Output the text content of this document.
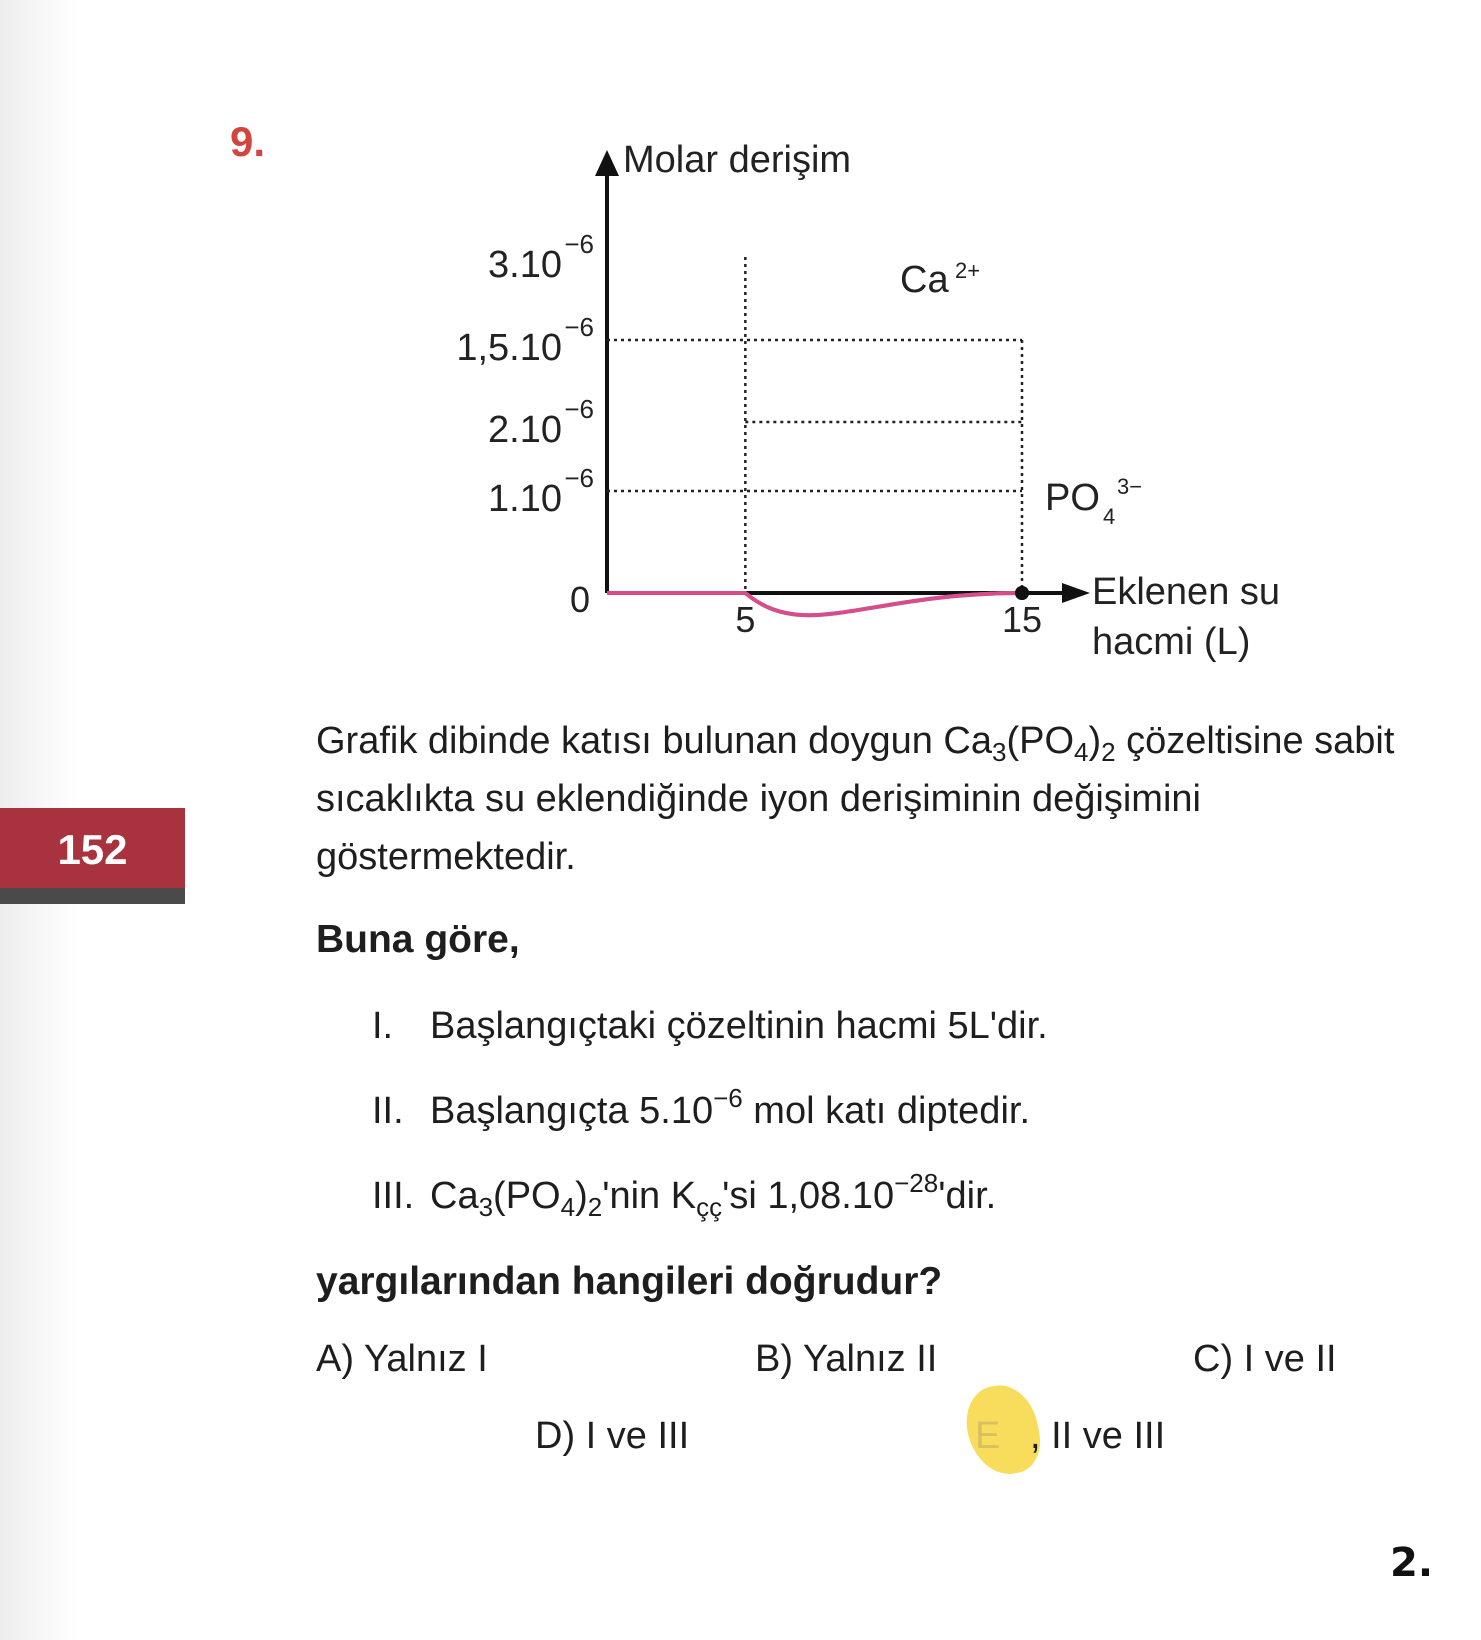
152
9.
3.10 −6
1,5.10 −6
2.10 −6
1.10 −6
0	5	15
Molar derişim
Eklenen su
hacmi (L)
Ca 2+
PO 4
3−

Grafik dibinde katısı bulunan doygun $Ca_3(PO_4)_2$ çözeltisine sabit sıcaklıkta su eklendiğinde iyon derişiminin değişimini göstermektedir.

Buna göre,

I. Başlangıçtaki çözeltinin hacmi 5L'dir.

II. Başlangıçta $5.10^{-6}$ mol katı diptedir.

III. $Ca_3(PO_4)_2'nin$ $K_{çç}'si$ $1,08.10^{-28}'dir$.

yargılarından hangileri doğrudur?

A) Yalnız I	B) Yalnız II	C) I ve II

D) I ve III	E , II ve III

2.
